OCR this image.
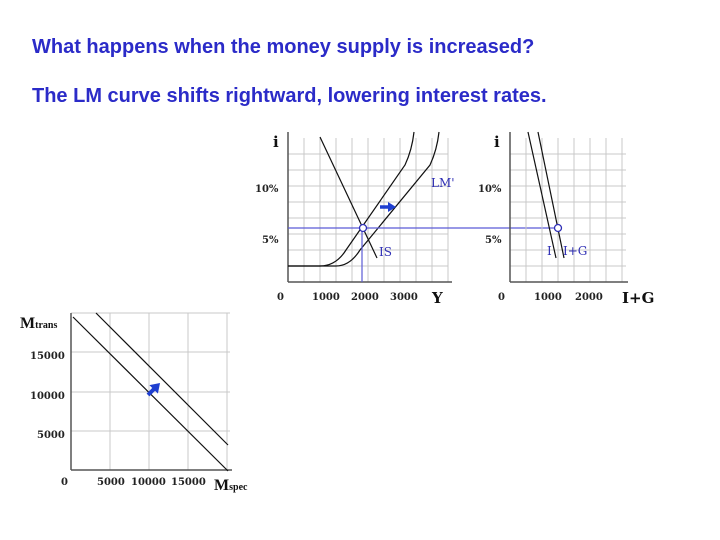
What happens when the money supply is increased?

The LM curve shifts rightward, lowering interest rates.

i
10%
5%
0	1000 2000 3000 Y
LM'
IS
i
10%
5%
0	1000 2000 I+G
I I+G
Mtrans
15000
10000
5000
0	5000 10000 15000 Mspec
